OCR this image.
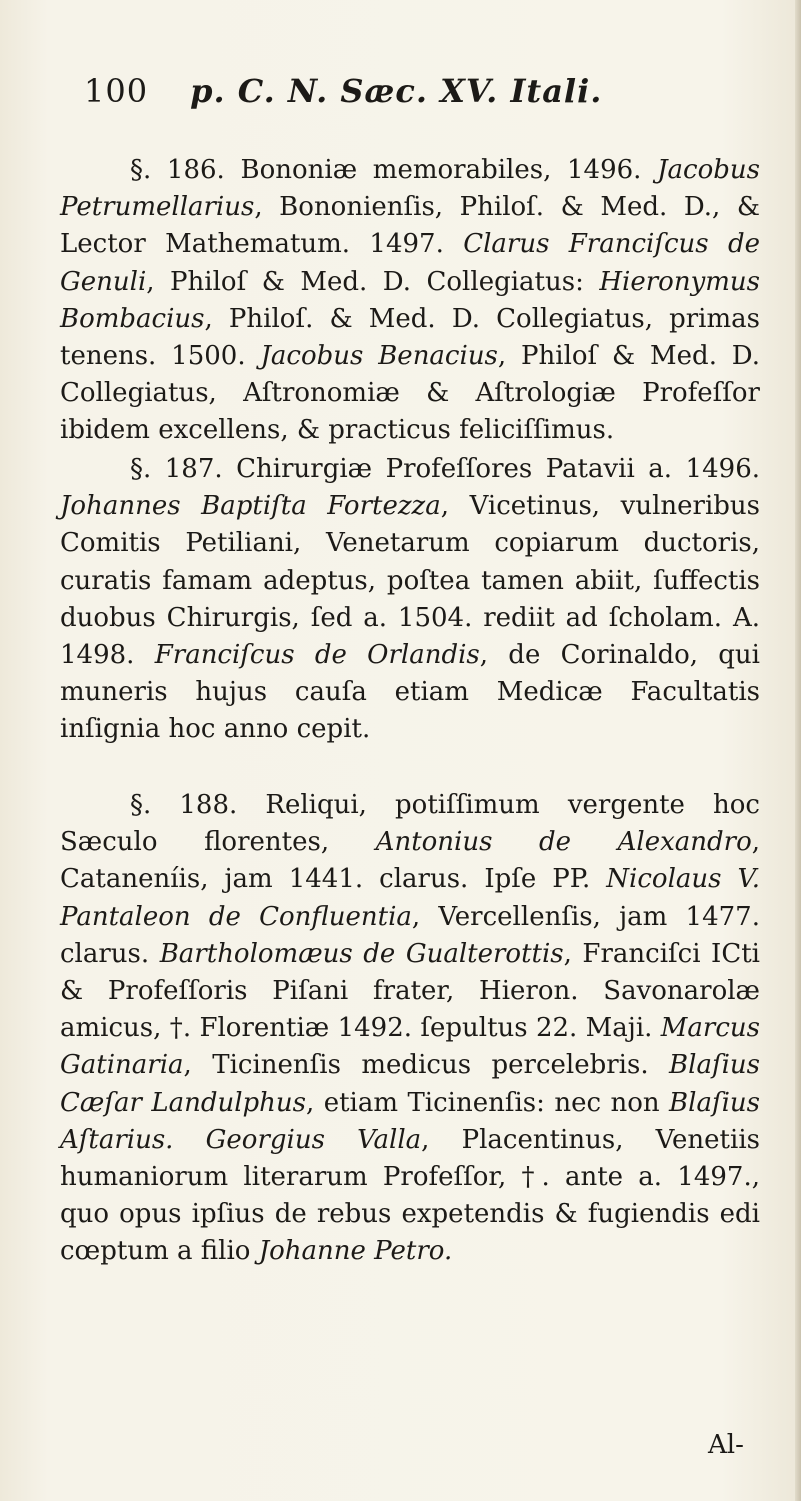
100 p. C. N. Sæc. XV. Itali.

§. 186. Bononiæ memorabiles, 1496. Jacobus Petrumellarius, Bononienſis, Philoſ. & Med. D., & Lector Mathematum. 1497. Clarus Franciſcus de Genuli, Philoſ & Med. D. Collegiatus: Hieronymus Bombacius, Philoſ. & Med. D. Collegiatus, primas tenens. 1500. Jacobus Benacius, Philoſ & Med. D. Collegiatus, Aſtronomiæ & Aſtrologiæ Profeſſor ibidem excellens, & practicus feliciſſimus.

§. 187. Chirurgiæ Profeſſores Patavii a. 1496. Johannes Baptiſta Fortezza, Vicetinus, vulneribus Comitis Petiliani, Venetarum copiarum ductoris, curatis famam adeptus, poſtea tamen abiit, ſuffectis duobus Chirurgis, ſed a. 1504. rediit ad ſcholam. A. 1498. Franciſcus de Orlandis, de Corinaldo, qui muneris hujus cauſa etiam Medicæ Facultatis inſignia hoc anno cepit.

§. 188. Reliqui, potiſſimum vergente hoc Sæculo florentes, Antonius de Alexandro, Cataneníis, jam 1441. clarus. Ipſe PP. Nicolaus V. Pantaleon de Confluentia, Vercellenſis, jam 1477. clarus. Bartholomæus de Gualterottis, Franciſci ICti & Profeſſoris Piſani frater, Hieron. Savonarolæ amicus, †. Florentiæ 1492. ſepultus 22. Maji. Marcus Gatinaria, Ticinenſis medicus percelebris. Blaſius Cæſar Landulphus, etiam Ticinenſis: nec non Blaſius Aſtarius. Georgius Valla, Placentinus, Venetiis humaniorum literarum Profeſſor, †. ante a. 1497., quo opus ipſius de rebus expetendis & fugiendis edi cœptum a filio Johanne Petro.

Al-
